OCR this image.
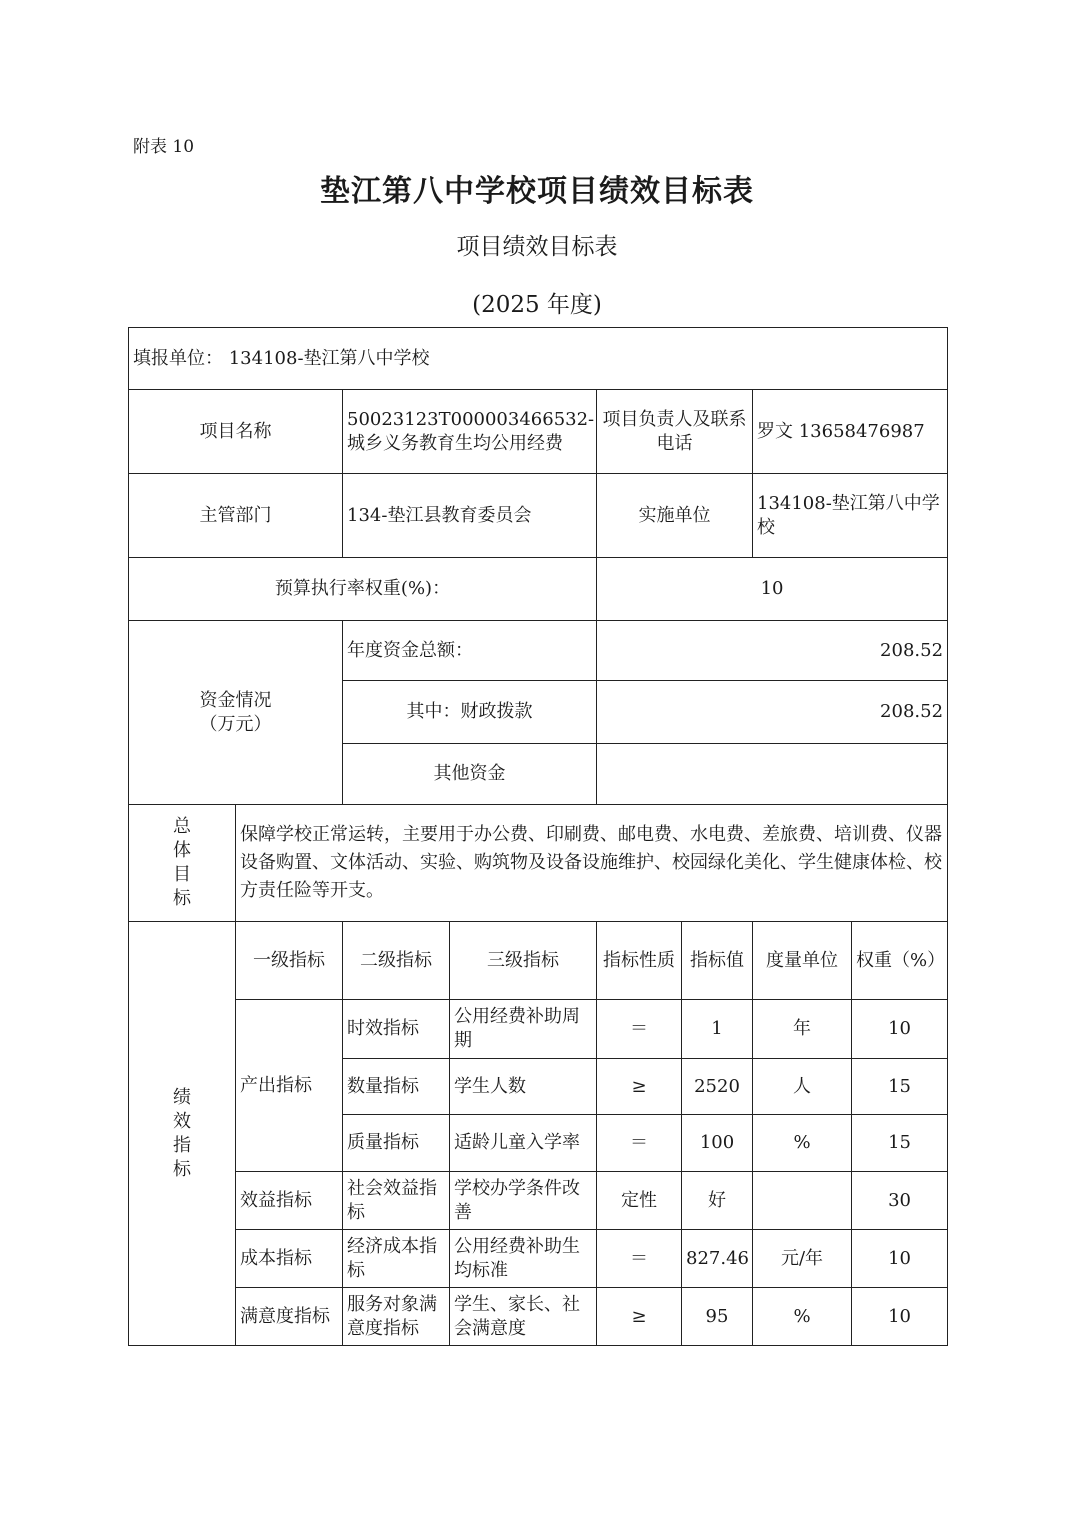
附表 10
垫江第八中学校项目绩效目标表
项目绩效目标表
(2025 年度)
填报单位： 134108-垫江第八中学校							
项目名称		50023123T000003466532-城乡义务教育生均公用经费		项目负责人及联系电话		罗文 13658476987	
主管部门		134-垫江县教育委员会		实施单位		134108-垫江第八中学校	
预算执行率权重(%)：				10			

资金情况
（万元）		年度资金总额：		208.52			
		其中：财政拨款		208.52			
		其他资金					

总
体
目
标	保障学校正常运转，主要用于办公费、印刷费、邮电费、水电费、差旅费、培训费、仪器设备购置、文体活动、实验、购筑物及设备设施维护、校园绿化美化、学生健康体检、校方责任险等开支。						

绩
效
指
标	一级指标	二级指标	三级指标	指标性质	指标值	度量单位	权重（%）
	产出指标	时效指标	公用经费补助周期	＝	1	年	10
		数量指标	学生人数	≥	2520	人	15
		质量指标	适龄儿童入学率	＝	100	%	15
	效益指标	社会效益指标	学校办学条件改善	定性	好		30
	成本指标	经济成本指标	公用经费补助生均标准	＝	827.46	元/年	10
	满意度指标	服务对象满意度指标	学生、家长、社会满意度	≥	95	%	10
